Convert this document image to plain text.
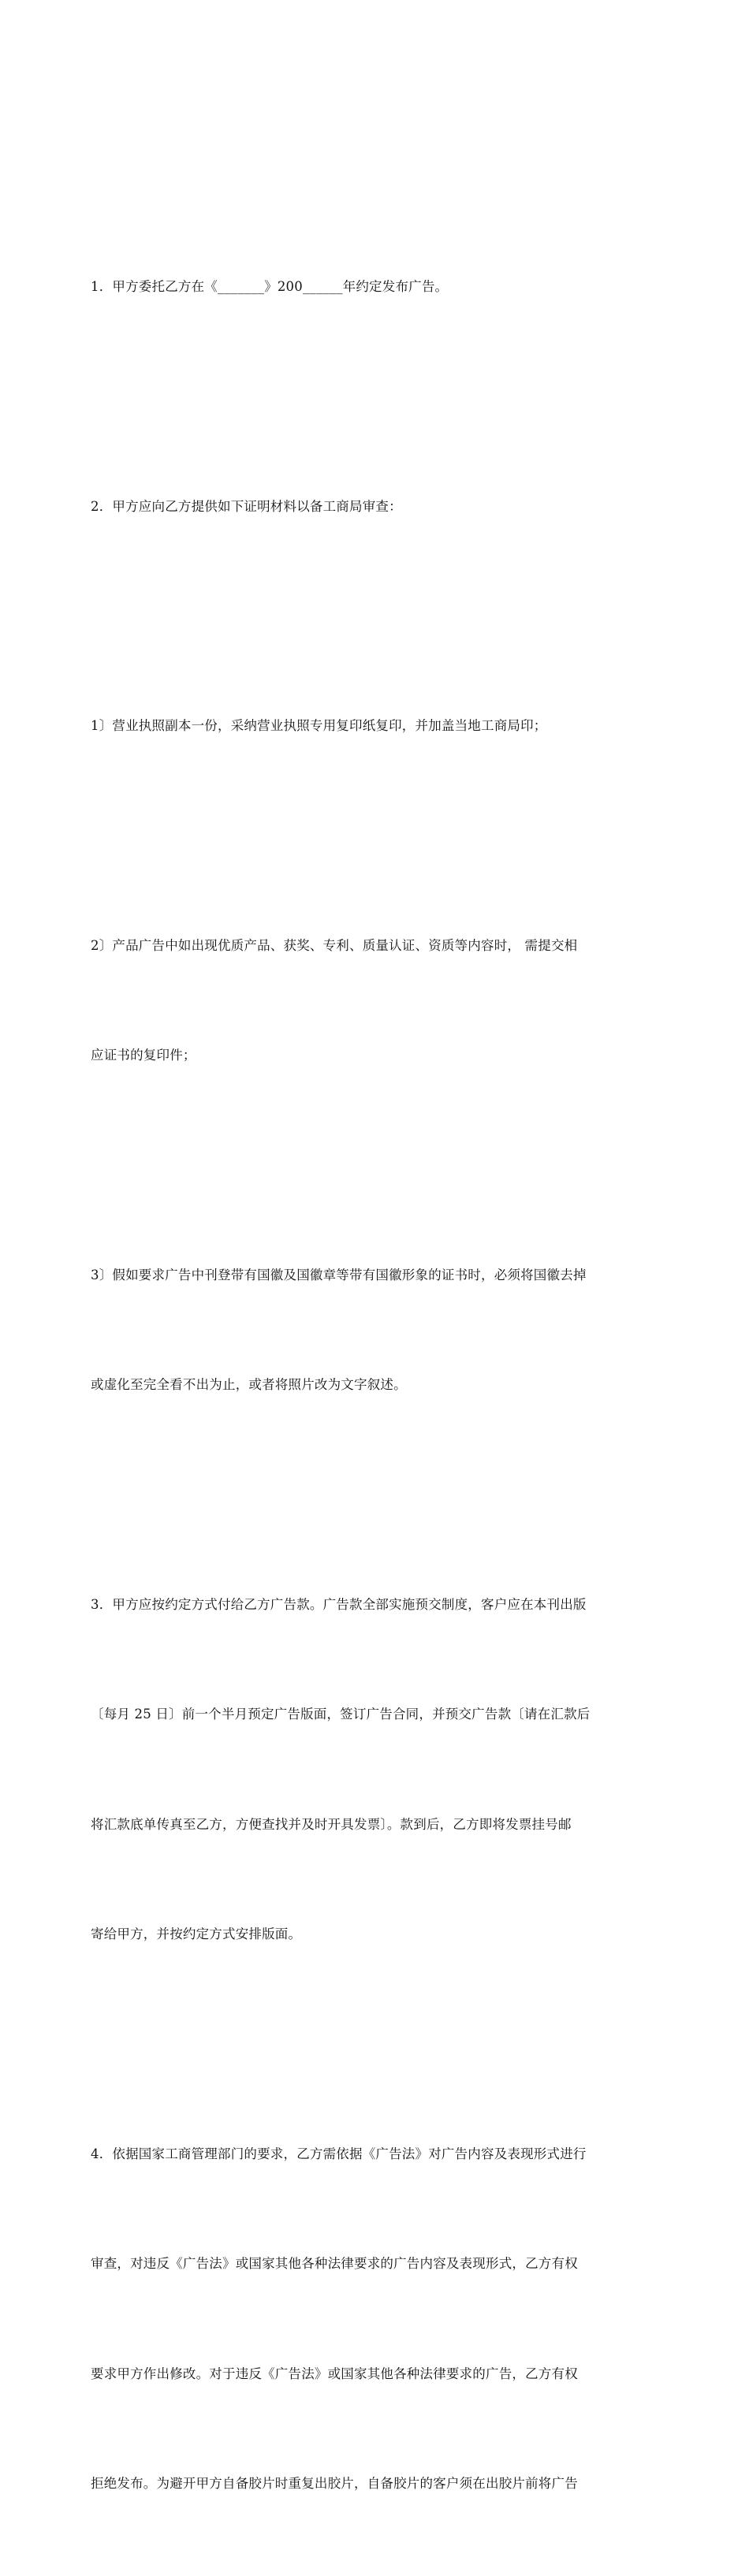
1．甲方委托乙方在《_______》200______年约定发布广告。

2．甲方应向乙方提供如下证明材料以备工商局审查：

1〕营业执照副本一份，采纳营业执照专用复印纸复印，并加盖当地工商局印；

2〕产品广告中如出现优质产品、获奖、专利、质量认证、资质等内容时， 需提交相

应证书的复印件；

3〕假如要求广告中刊登带有国徽及国徽章等带有国徽形象的证书时，必须将国徽去掉

或虚化至完全看不出为止，或者将照片改为文字叙述。

3．甲方应按约定方式付给乙方广告款。广告款全部实施预交制度，客户应在本刊出版

〔每月 25 日〕前一个半月预定广告版面，签订广告合同，并预交广告款〔请在汇款后

将汇款底单传真至乙方，方便查找并及时开具发票〕。款到后，乙方即将发票挂号邮

寄给甲方，并按约定方式安排版面。

4．依据国家工商管理部门的要求，乙方需依据《广告法》对广告内容及表现形式进行

审查，对违反《广告法》或国家其他各种法律要求的广告内容及表现形式，乙方有权

要求甲方作出修改。对于违反《广告法》或国家其他各种法律要求的广告，乙方有权

拒绝发布。为避开甲方自备胶片时重复出胶片，自备胶片的客户须在出胶片前将广告
